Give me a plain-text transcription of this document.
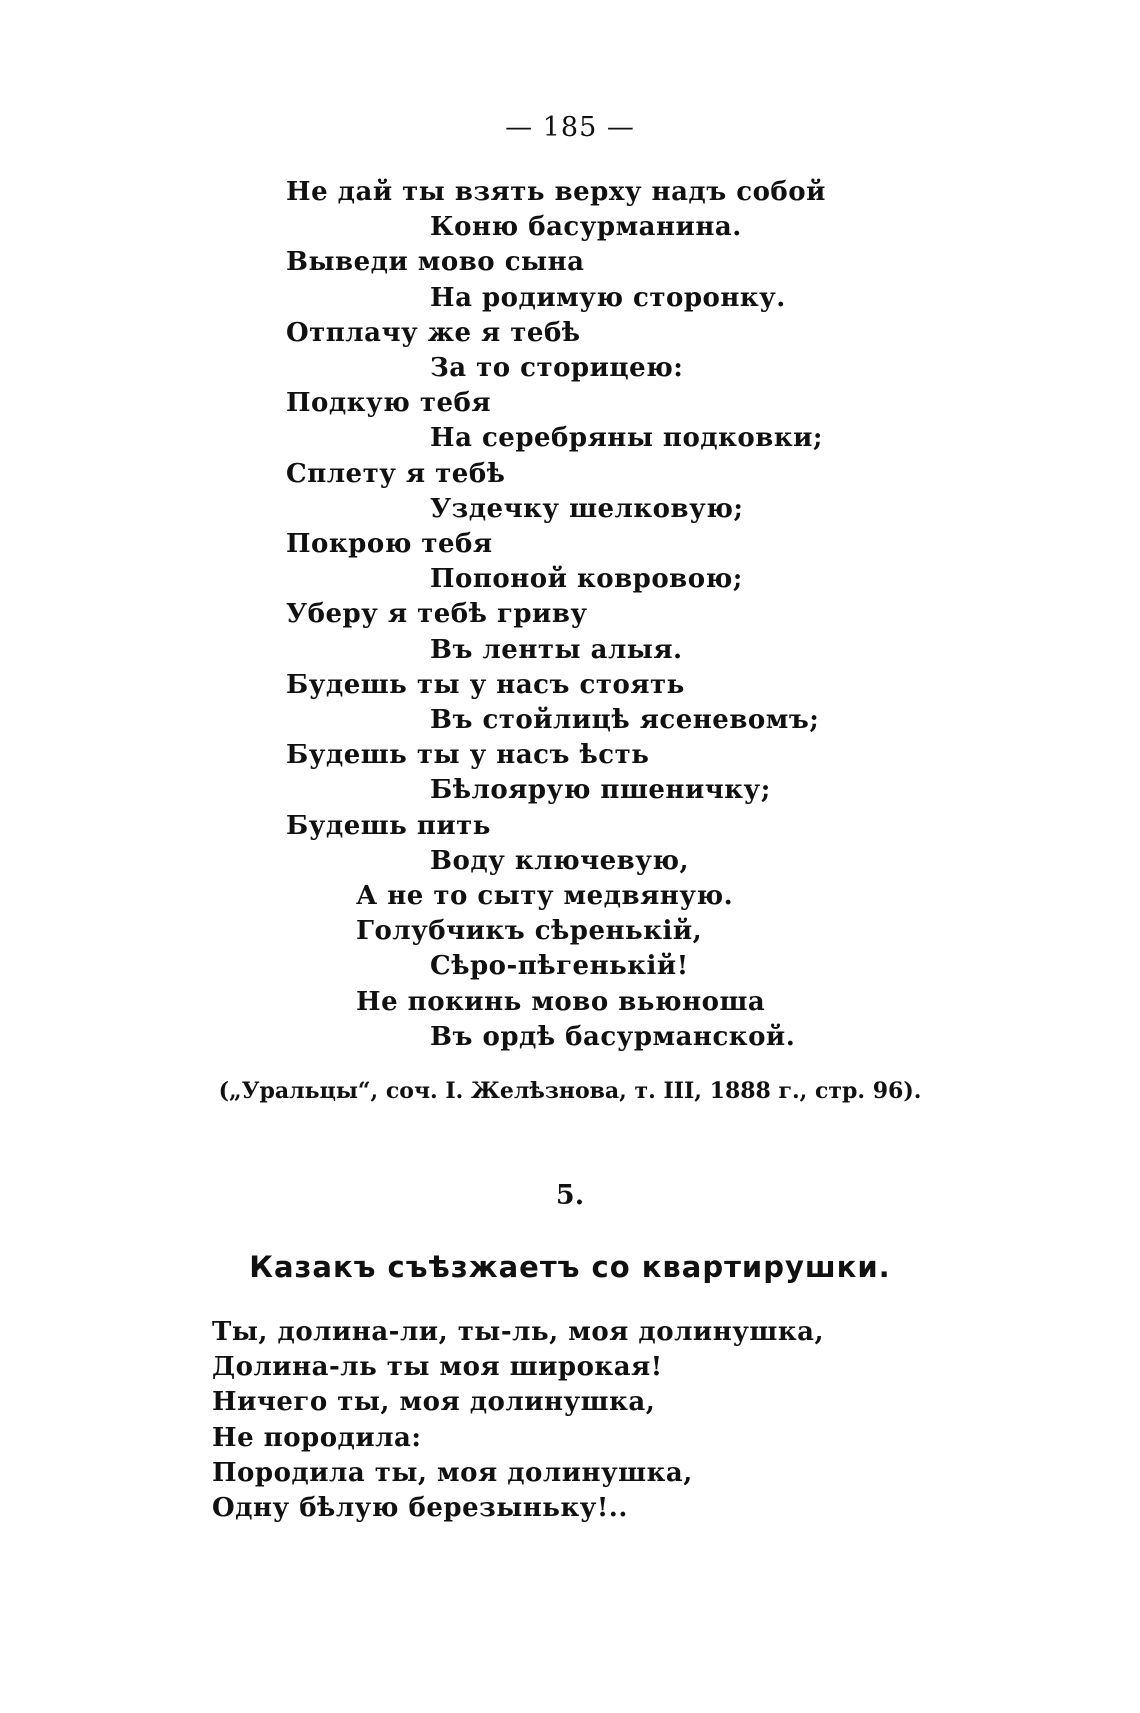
— 185 —
Не дай ты взять верху надъ собой
Коню басурманина.
Выведи мово сына
На родимую сторонку.
Отплачу же я тебѣ
За то сторицею:
Подкую тебя
На серебряны подковки;
Сплету я тебѣ
Уздечку шелковую;
Покрою тебя
Попоной ковровою;
Уберу я тебѣ гриву
Въ ленты алыя.
Будешь ты у насъ стоять
Въ стойлицѣ ясеневомъ;
Будешь ты у насъ ѣсть
Бѣлоярую пшеничку;
Будешь пить
Воду ключевую,
А не то сыту медвяную.
Голубчикъ сѣренькій,
Сѣро-пѣгенькій!
Не покинь мово вьюноша
Въ ордѣ басурманской.
(„Уральцы“, соч. I. Желѣзнова, т. III, 1888 г., стр. 96).
5.
Казакъ съѣзжаетъ со квартирушки.
Ты, долина-ли, ты-ль, моя долинушка,
Долина-ль ты моя широкая!
Ничего ты, моя долинушка,
Не породила:
Породила ты, моя долинушка,
Одну бѣлую березыньку!..
